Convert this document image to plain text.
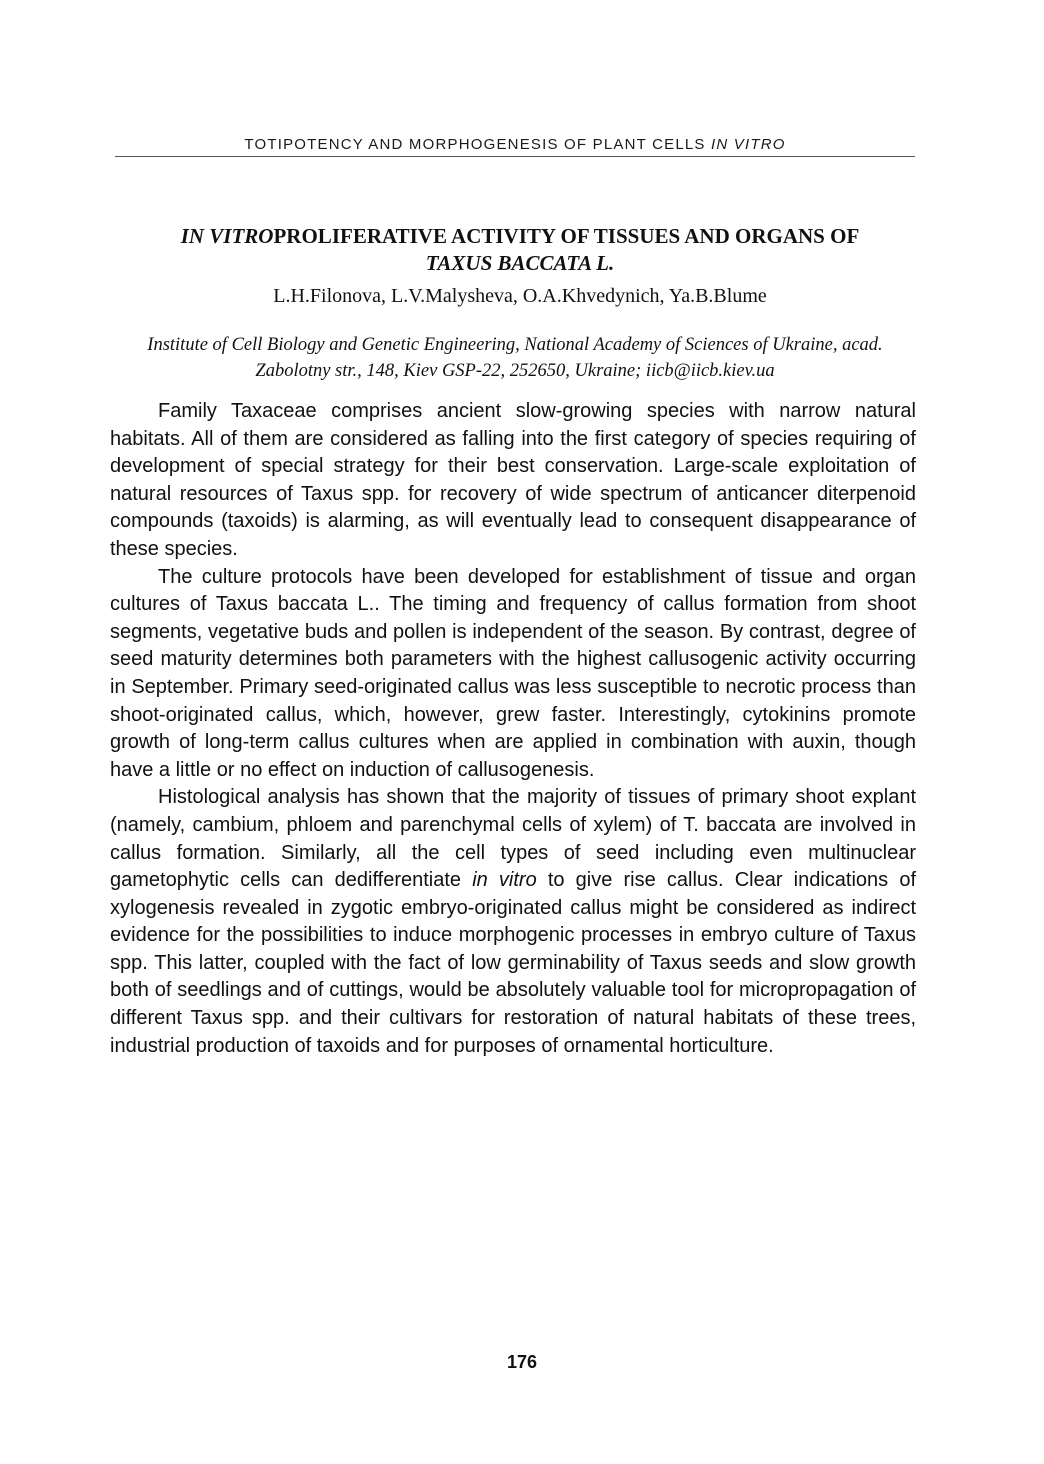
TOTIPOTENCY AND MORPHOGENESIS OF PLANT CELLS IN VITRO
IN VITROPROLIFERATIVE ACTIVITY OF TISSUES AND ORGANS OF
TAXUS BACCATA L.
L.H.Filonova, L.V.Malysheva, O.A.Khvedynich, Ya.B.Blume
Institute of Cell Biology and Genetic Engineering, National Academy of Sciences of Ukraine, acad. Zabolotny str., 148, Kiev GSP-22, 252650, Ukraine; iicb@iicb.kiev.ua

Family Taxaceae comprises ancient slow-growing species with narrow natural habitats. All of them are considered as falling into the first category of species requiring of development of special strategy for their best conservation. Large-scale exploitation of natural resources of Taxus spp. for recovery of wide spectrum of anticancer diterpenoid compounds (taxoids) is alarming, as will eventually lead to consequent disappearance of these species.

The culture protocols have been developed for establishment of tissue and organ cultures of Taxus baccata L.. The timing and frequency of callus formation from shoot segments, vegetative buds and pollen is independent of the season. By contrast, degree of seed maturity determines both parameters with the highest callusogenic activity occurring in September. Primary seed-originated callus was less susceptible to necrotic process than shoot-originated callus, which, however, grew faster. Interestingly, cytokinins promote growth of long-term callus cultures when are applied in combination with auxin, though have a little or no effect on induction of callusogenesis.

Histological analysis has shown that the majority of tissues of primary shoot explant (namely, cambium, phloem and parenchymal cells of xylem) of T. baccata are involved in callus formation. Similarly, all the cell types of seed including even multinuclear gametophytic cells can dedifferentiate in vitro to give rise callus. Clear indications of xylogenesis revealed in zygotic embryo-originated callus might be considered as indirect evidence for the possibilities to induce morphogenic processes in embryo culture of Taxus spp. This latter, coupled with the fact of low germinability of Taxus seeds and slow growth both of seedlings and of cuttings, would be absolutely valuable tool for micropropagation of different Taxus spp. and their cultivars for restoration of natural habitats of these trees, industrial production of taxoids and for purposes of ornamental horticulture.

176
